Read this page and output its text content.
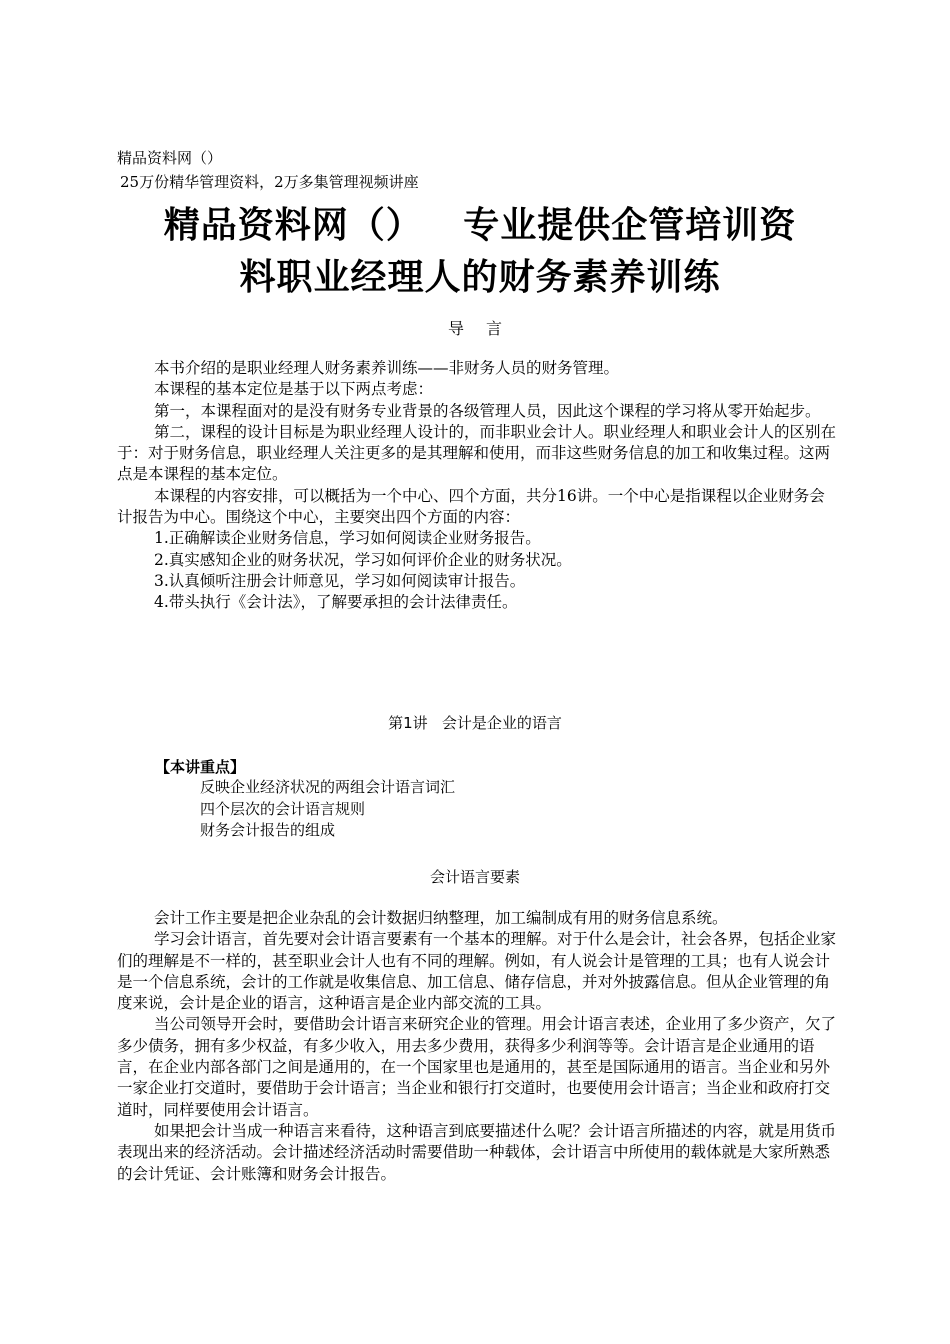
精品资料网（）
25万份精华管理资料，2万多集管理视频讲座
精品资料网（）   专业提供企管培训资
料职业经理人的财务素养训练
导言

本书介绍的是职业经理人财务素养训练——非财务人员的财务管理。

本课程的基本定位是基于以下两点考虑：

第一，本课程面对的是没有财务专业背景的各级管理人员，因此这个课程的学习将从零开始起步。

第二，课程的设计目标是为职业经理人设计的，而非职业会计人。职业经理人和职业会计人的区别在于：对于财务信息，职业经理人关注更多的是其理解和使用，而非这些财务信息的加工和收集过程。这两点是本课程的基本定位。

本课程的内容安排，可以概括为一个中心、四个方面，共分16讲。一个中心是指课程以企业财务会计报告为中心。围绕这个中心，主要突出四个方面的内容：

1.正确解读企业财务信息，学习如何阅读企业财务报告。

2.真实感知企业的财务状况，学习如何评价企业的财务状况。

3.认真倾听注册会计师意见，学习如何阅读审计报告。

4.带头执行《会计法》，了解要承担的会计法律责任。

第1讲   会计是企业的语言
【本讲重点】
反映企业经济状况的两组会计语言词汇
四个层次的会计语言规则
财务会计报告的组成
会计语言要素

会计工作主要是把企业杂乱的会计数据归纳整理，加工编制成有用的财务信息系统。

学习会计语言，首先要对会计语言要素有一个基本的理解。对于什么是会计，社会各界，包括企业家们的理解是不一样的，甚至职业会计人也有不同的理解。例如，有人说会计是管理的工具；也有人说会计是一个信息系统，会计的工作就是收集信息、加工信息、储存信息，并对外披露信息。但从企业管理的角度来说，会计是企业的语言，这种语言是企业内部交流的工具。

当公司领导开会时，要借助会计语言来研究企业的管理。用会计语言表述，企业用了多少资产，欠了多少债务，拥有多少权益，有多少收入，用去多少费用，获得多少利润等等。会计语言是企业通用的语言，在企业内部各部门之间是通用的，在一个国家里也是通用的，甚至是国际通用的语言。当企业和另外一家企业打交道时，要借助于会计语言；当企业和银行打交道时，也要使用会计语言；当企业和政府打交道时，同样要使用会计语言。

如果把会计当成一种语言来看待，这种语言到底要描述什么呢？会计语言所描述的内容，就是用货币表现出来的经济活动。会计描述经济活动时需要借助一种载体，会计语言中所使用的载体就是大家所熟悉的会计凭证、会计账簿和财务会计报告。
